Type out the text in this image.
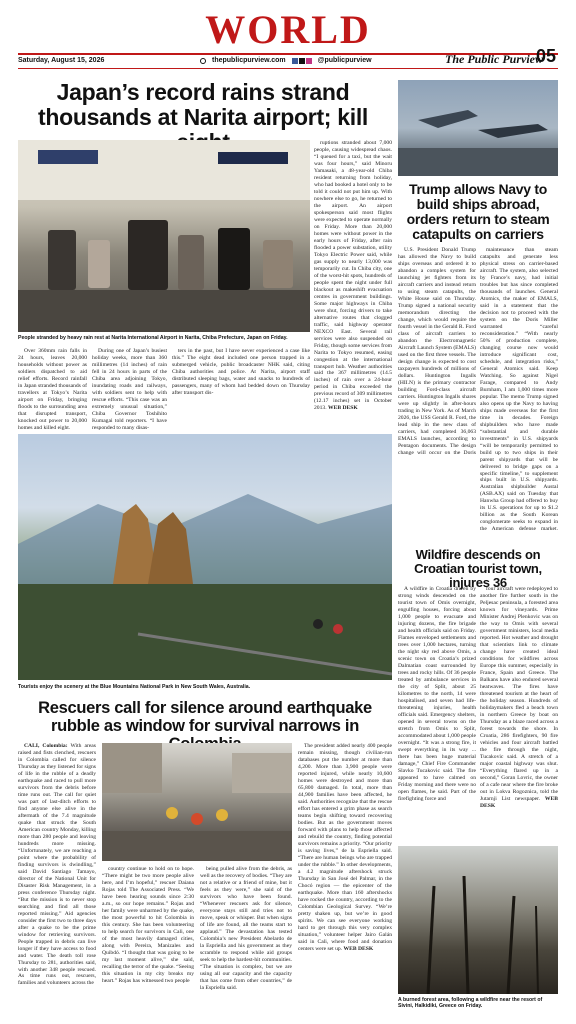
WORLD
Saturday, August 15, 2026	thepublicpurview.com	@publicpurview	The Public Purview
05
Japan’s record rains strand thousands at Narita airport; kill
People stranded by heavy rain rest at Narita International Airport in Narita, Chiba Prefecture, Japan on Friday.

Over 360mm rain falls in 24 hours, leaves 20,000 households without power as soldiers dispatched to aid relief efforts. Record rainfall in Japan stranded thousands of travellers at Tokyo’s Narita airport on Friday, bringing floods to the surrounding area that disrupted transport, knocked out power to 20,000 homes and killed eight.

During one of Japan’s busiest holiday weeks, more than 360 millimetres (14 inches) of rain fell in 24 hours in parts of the Chiba area adjoining Tokyo, inundating roads and railways, with soldiers sent to help with rescue efforts. “This case was an extremely unusual situation,” Chiba Governor Toshihito Kumagai told reporters. “I have responded to many disas-

ters in the past, but I have never experienced a case like this.” The eight dead included one person trapped in a submerged vehicle, public broadcaster NHK said, citing Chiba authorities and police. At Narita, airport staff distributed sleeping bags, water and snacks to hundreds of passengers, many of whom had bedded down on Thursday after transport dis-

ruptions stranded about 7,000 people, causing widespread chaos. “I queued for a taxi, but the wait was four hours,” said Minoru Yamasaki, a 48-year-old Chiba resident returning from holiday, who had booked a hotel only to be told it could not put him up. With nowhere else to go, he returned to the airport. An airport spokesperson said most flights were expected to operate normally on Friday. More than 20,000 homes were without power in the early hours of Friday, after rain flooded a power substation, utility Tokyo Electric Power said, while gas supply to nearly 13,000 was temporarily cut. In Chiba city, one of the worst-hit spots, hundreds of people spent the night under full blackout as makeshift evacuation centres in government buildings. Some major highways in Chiba were shut, forcing drivers to take alternative routes that clogged traffic, said highway operator NEXCO East. Several rail services were also suspended on Friday, though some services from Narita to Tokyo resumed, easing congestion at the international transport hub. Weather authorities said the 367 millimetres (14.5 inches) of rain over a 24-hour period in Chiba exceeded the previous record of 309 millimetres (12.17 inches) set in October 2013. WEB DESK

Trump allows Navy to build ships abroad, orders return to steam catapults on carriers

U.S. President Donald Trump has allowed the Navy to build ships overseas and ordered it to abandon a complex system for launching jet fighters from its aircraft carriers and instead return to using steam catapults, the White House said on Thursday. Trump signed a national security memorandum directing the change, which would require the fourth vessel in the Gerald R. Ford class of aircraft carriers to abandon the Electromagnetic Aircraft Launch System (EMALS) used on the first three vessels. The design change is expected to cost taxpayers hundreds of millions of dollars. Huntington Ingalls (HII.N) is the primary contractor building Ford-class aircraft carriers. Huntington Ingalls shares were up slightly in after-hours trading in New York. As of March 2026, the USS Gerald R. Ford, the lead ship in the new class of carriers, had completed 36,063 EMALS launches, according to Pentagon documents. The design change will occur on the Doris

maintenance than steam catapults and generate less physical stress on carrier-based aircraft. The system, also selected by France’s navy, had initial troubles but has since completed thousands of launches. General Atomics, the maker of EMALS, said in a statement that the decision not to proceed with the system on the Doris Miller warranted “careful reconsideration.” “With nearly 50% of production complete, changing course now would introduce significant cost, schedule, and integration risks,” General Atomics said. Keep Watching. So against Nigel Farage, compared to Andy Burnham, I am 1,000 times more popular. The memo Trump signed also opens up the Navy to having ships made overseas for the first time in decades. Foreign shipbuilders who have made “substantial and durable investments” in U.S. shipyards “will be temporarily permitted to build up to two ships in their parent shipyards that will be delivered to bridge gaps on a specific timeline,” to supplement ships built in U.S. shipyards. Australian shipbuilder Austal (ASB.AX) said on Tuesday that Hanwha Group had offered to buy its U.S. operations for up to $1.2 billion as the South Korean conglomerate seeks to expand in the American defense market.

Tourists enjoy the scenery at the Blue Mountains National Park in New South Wales, Australia.
Wildfire descends on Croatian tourist town, injures 36

A wildfire in Croatia driven by strong winds descended on the tourist town of Omis overnight, engulfing houses, forcing about 1,000 people to evacuate and injuring dozens, the fire brigade and health officials said on Friday. Flames enveloped settlements and trees over 1,000 hectares, turning the night sky red above Omis, a scenic town on Croatia’s prized Dalmatian coast surrounded by trees and rocky hills. Of 36 people treated by ambulance services in the city of Split, about 25 kilometres to the north, 14 were hospitalised, and seven had life-threatening injuries, health officials said. Emergency shelters, opened in several towns on the stretch from Omis to Split, accommodated about 1,000 people overnight. “It was a strong fire, it swept everything in its way ... there has been huge material damage,” Chief Fire Commander Slavko Tucakovic said. The fire appeared to have calmed on Friday morning and there were no open flames, he said. Part of the firefighting force and

four aircraft were redeployed to another fire further south in the Peljesac peninsula, a forested area known for vineyards. Prime Minister Andrej Plenkovic was on the way to Omis with several government ministers, local media reported. Hot weather and drought that scientists link to climate change have created ideal conditions for wildfires across Europe this summer, especially in France, Spain and Greece. The Balkans have also endured several heatwaves. The fires have threatened tourism at the heart of the holiday season. Hundreds of holidaymakers fled a beach town in northern Greece by boat on Thursday as a blaze raced across a forest towards the shore. In Croatia, 286 firefighters, 90 fire vehicles and four aircraft battled the fire through the night, Tucakovic said. A stretch of a major coastal highway was shut. “Everything flared up in a second,” Goran Lovric, the owner of a cafe near where the fire broke out in Lokva Rogoznica, told the Jutarnji List newspaper. WEB DESK

A burned forest area, following a wildfire near the resort of Sivini, Halkidiki, Greece on Friday.
Rescuers call for silence around earthquake rubble as window for survival narrows in

CALI, Colombia: With areas raised and fists clenched, rescuers in Colombia called for silence Thursday as they listened for signs of life in the rubble of a deadly earthquake and raced to pull more survivors from the debris before time runs out. The call for quiet was part of last-ditch efforts to find anyone else alive in the aftermath of the 7.4 magnitude quake that struck the South American country Monday, killing more than 280 people and leaving hundreds more missing. “Unfortunately, we are reaching a point where the probability of finding survivors is dwindling,” said David Santiago Tamayo, director of the National Unit for Disaster Risk Management, in a press conference Thursday night. “But the mission is to never stop searching and find all those reported missing.” Aid agencies consider the first two to three days after a quake to be the prime window for retrieving survivors. People trapped in debris can live longer if they have access to food and water. The death toll rose Thursday to 281, authorities said, with another 348 people rescued. As time runs out, rescuers, families and volunteers across the

country continue to hold on to hope. “There might be two more people alive here, and I’m hopeful,” rescuer Daiana Rojas told The Associated Press. “We have been hearing sounds since 2:30 a.m., so our hope remains.” Rojas and her family were unharmed by the quake, the most powerful to hit Colombia in this century. She has been volunteering to help search for survivors in Cali, one of the most heavily damaged cities, along with Pereira, Manizales and Quibdó. “I thought that was going to be my last moment alive,” she said, recalling the terror of the quake. “Seeing this situation in my city breaks my heart.” Rojas has witnessed two people

being pulled alive from the debris, as well as the recovery of bodies. “They are not a relative or a friend of mine, but it feels as they were,” she said of the survivors who have been found. “Whenever rescuers ask for silence, everyone stays still and tries not to move, speak or whisper. But when signs of life are found, all the teams start to applaud.” The devastation has tested Colombia’s new President Abelardo de la Espriella and his government as they scramble to respond while aid groups seek to help the hardest-hit communities. “The situation is complex, but we are using all our capacity and the capacity that has come from other countries,” de la Espriella said.

The president added nearly 400 people remain missing, though civilian-run databases put the number at more than 4,200. More than 3,900 people were reported injured, while nearly 10,600 homes were destroyed and more than 65,800 damaged. In total, more than 44,900 families have been affected, he said. Authorities recognize that the rescue effort has entered a grim phase as search teams begin shifting toward recovering bodies. But as the government moves forward with plans to help those affected and rebuild the country, finding potential survivors remains a priority. “Our priority is saving lives,” de la Espriella said. “There are human beings who are trapped under the rubble.” In other developments, a 4.2 magnitude aftershock struck Thursday in San José del Palmar, in the Chocó region — the epicenter of the earthquake. More than 160 aftershocks have rocked the country, according to the Colombian Geological Survey. “We’re pretty shaken up, but we’re in good spirits. We can see everyone working hard to get through this very complex situation,” volunteer helper Jairo Galán said in Cali, where food and donation centers were set up. WEB DESK
